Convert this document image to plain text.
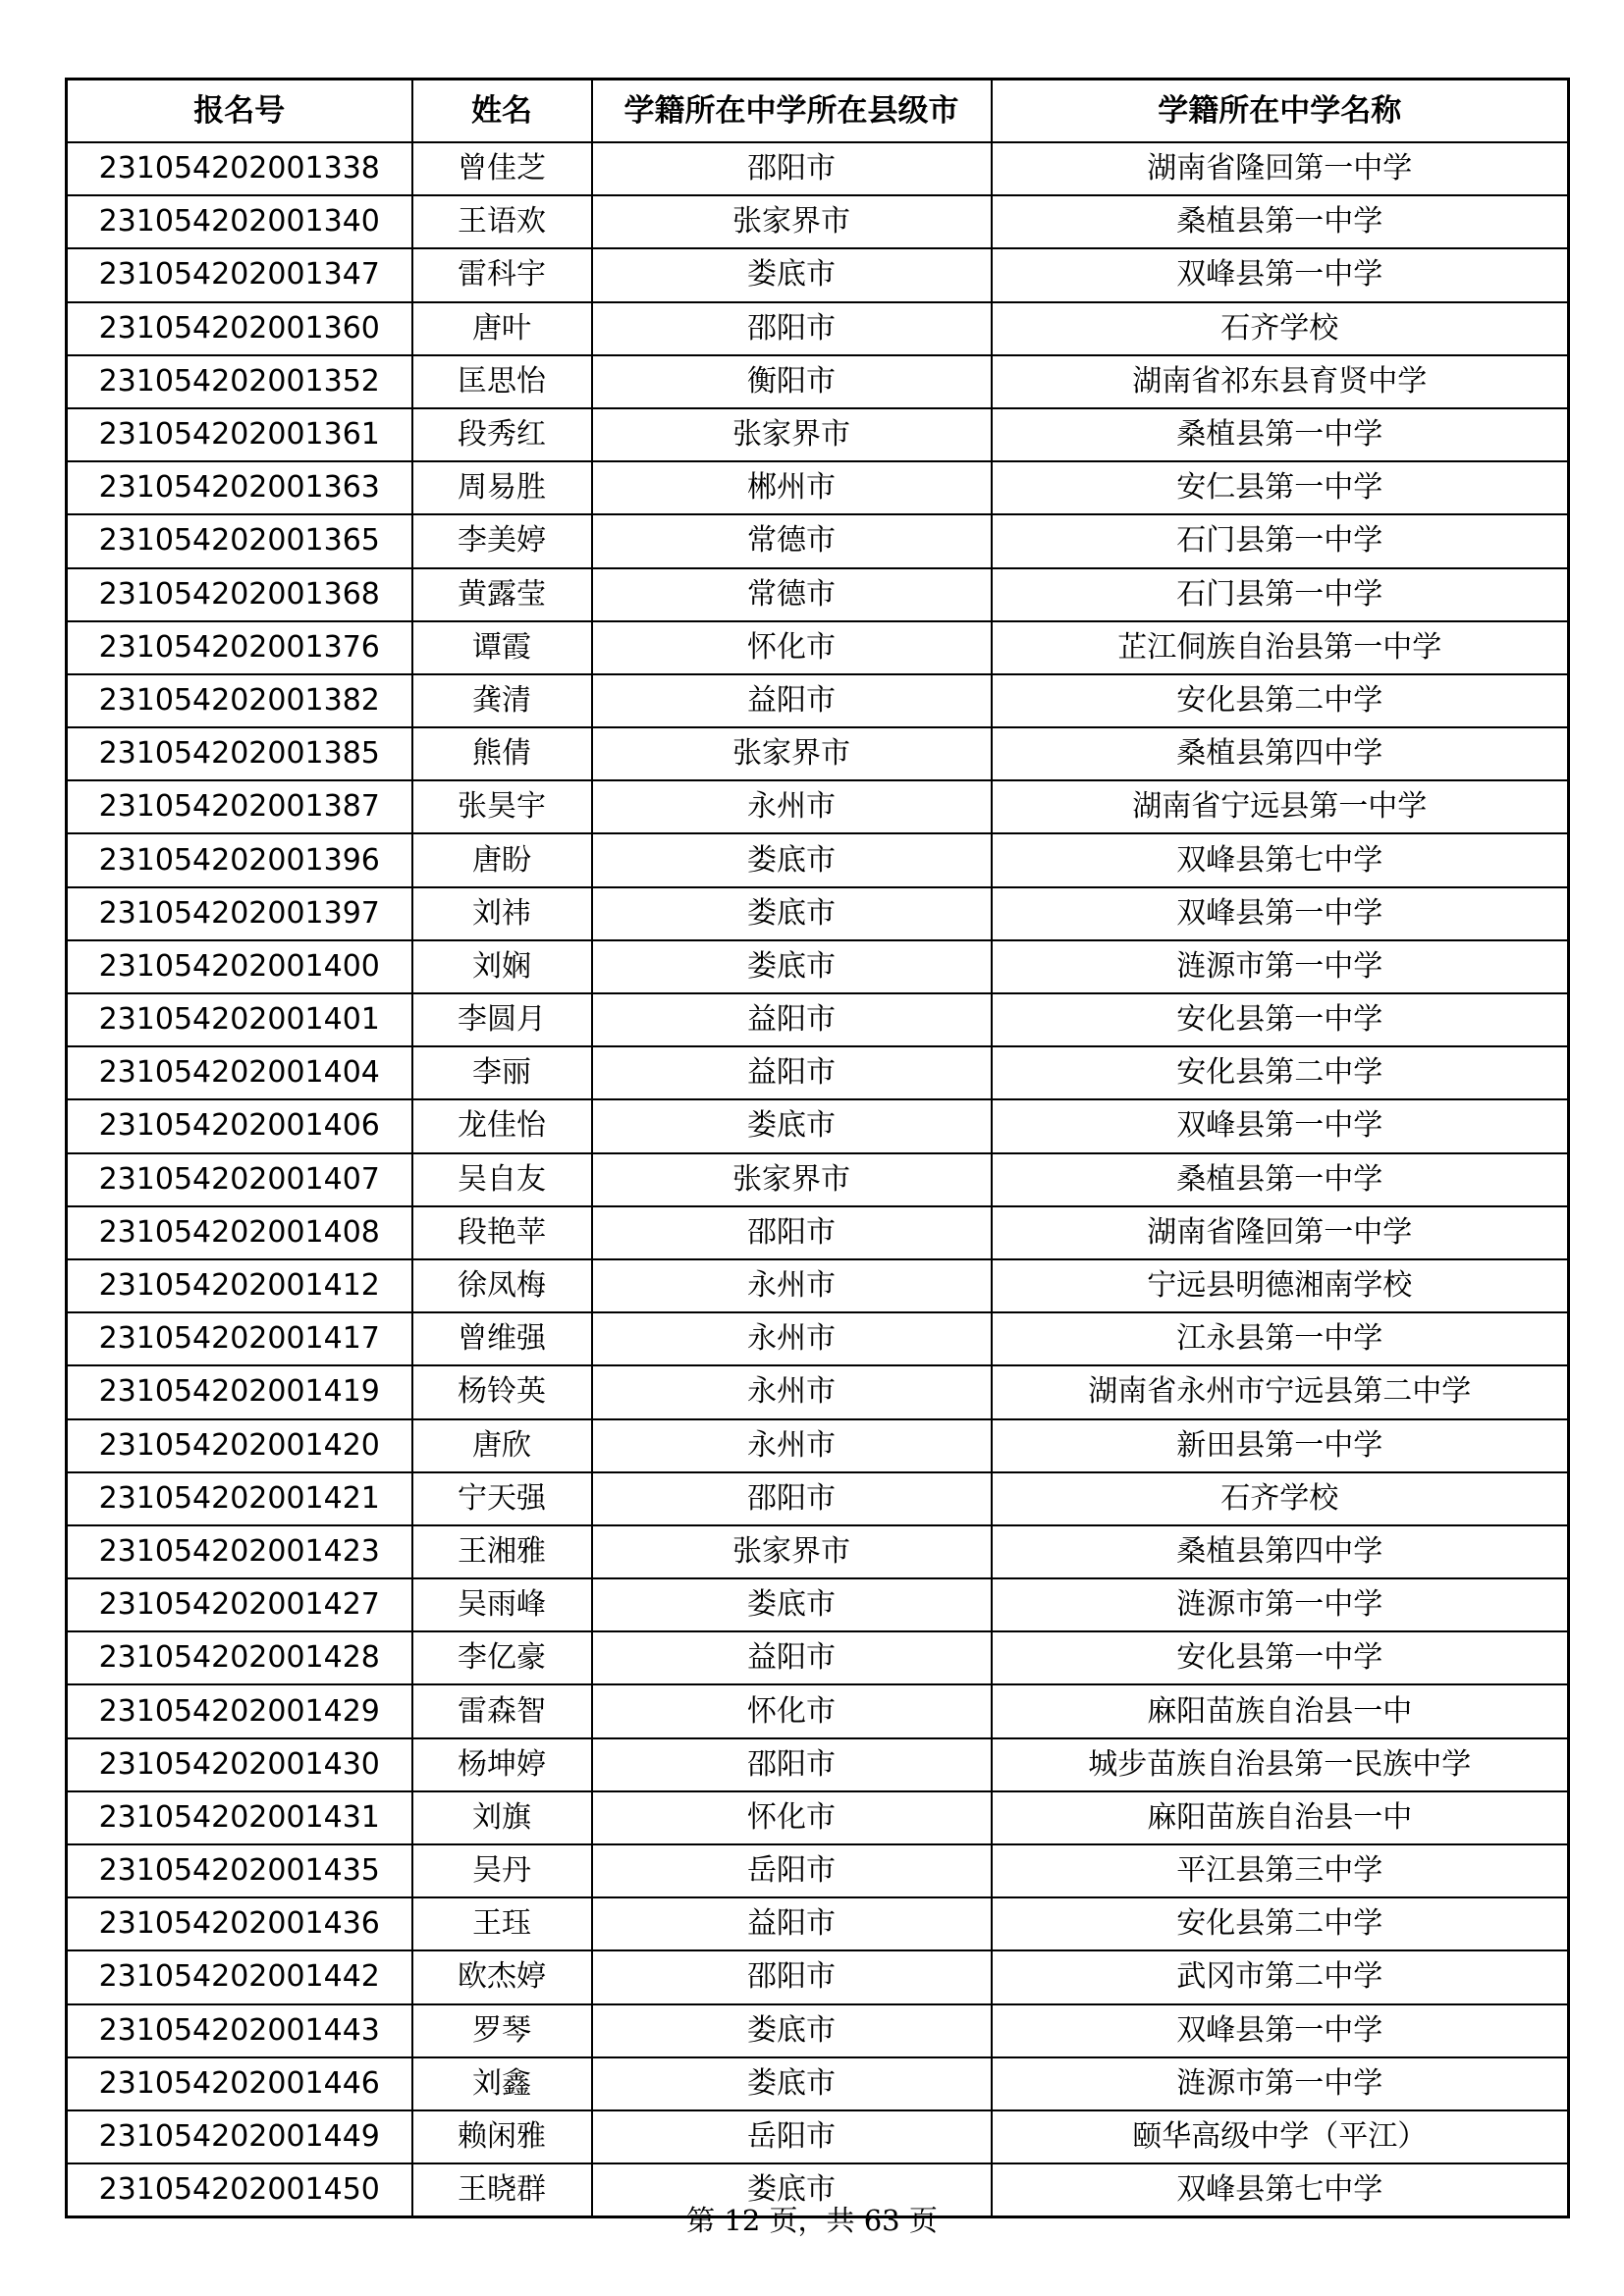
报名号	姓名	学籍所在中学所在县级市	学籍所在中学名称
231054202001338	曾佳芝	邵阳市	湖南省隆回第一中学
231054202001340	王语欢	张家界市	桑植县第一中学
231054202001347	雷科宇	娄底市	双峰县第一中学
231054202001360	唐叶	邵阳市	石齐学校
231054202001352	匡思怡	衡阳市	湖南省祁东县育贤中学
231054202001361	段秀红	张家界市	桑植县第一中学
231054202001363	周易胜	郴州市	安仁县第一中学
231054202001365	李美婷	常德市	石门县第一中学
231054202001368	黄露莹	常德市	石门县第一中学
231054202001376	谭霞	怀化市	芷江侗族自治县第一中学
231054202001382	龚清	益阳市	安化县第二中学
231054202001385	熊倩	张家界市	桑植县第四中学
231054202001387	张昊宇	永州市	湖南省宁远县第一中学
231054202001396	唐盼	娄底市	双峰县第七中学
231054202001397	刘祎	娄底市	双峰县第一中学
231054202001400	刘娴	娄底市	涟源市第一中学
231054202001401	李圆月	益阳市	安化县第一中学
231054202001404	李丽	益阳市	安化县第二中学
231054202001406	龙佳怡	娄底市	双峰县第一中学
231054202001407	吴自友	张家界市	桑植县第一中学
231054202001408	段艳苹	邵阳市	湖南省隆回第一中学
231054202001412	徐凤梅	永州市	宁远县明德湘南学校
231054202001417	曾维强	永州市	江永县第一中学
231054202001419	杨铃英	永州市	湖南省永州市宁远县第二中学
231054202001420	唐欣	永州市	新田县第一中学
231054202001421	宁天强	邵阳市	石齐学校
231054202001423	王湘雅	张家界市	桑植县第四中学
231054202001427	吴雨峰	娄底市	涟源市第一中学
231054202001428	李亿豪	益阳市	安化县第一中学
231054202001429	雷森智	怀化市	麻阳苗族自治县一中
231054202001430	杨坤婷	邵阳市	城步苗族自治县第一民族中学
231054202001431	刘旗	怀化市	麻阳苗族自治县一中
231054202001435	吴丹	岳阳市	平江县第三中学
231054202001436	王珏	益阳市	安化县第二中学
231054202001442	欧杰婷	邵阳市	武冈市第二中学
231054202001443	罗琴	娄底市	双峰县第一中学
231054202001446	刘鑫	娄底市	涟源市第一中学
231054202001449	赖闲雅	岳阳市	颐华高级中学（平江）
231054202001450	王晓群	娄底市	双峰县第七中学
第 12 页，共 63 页
